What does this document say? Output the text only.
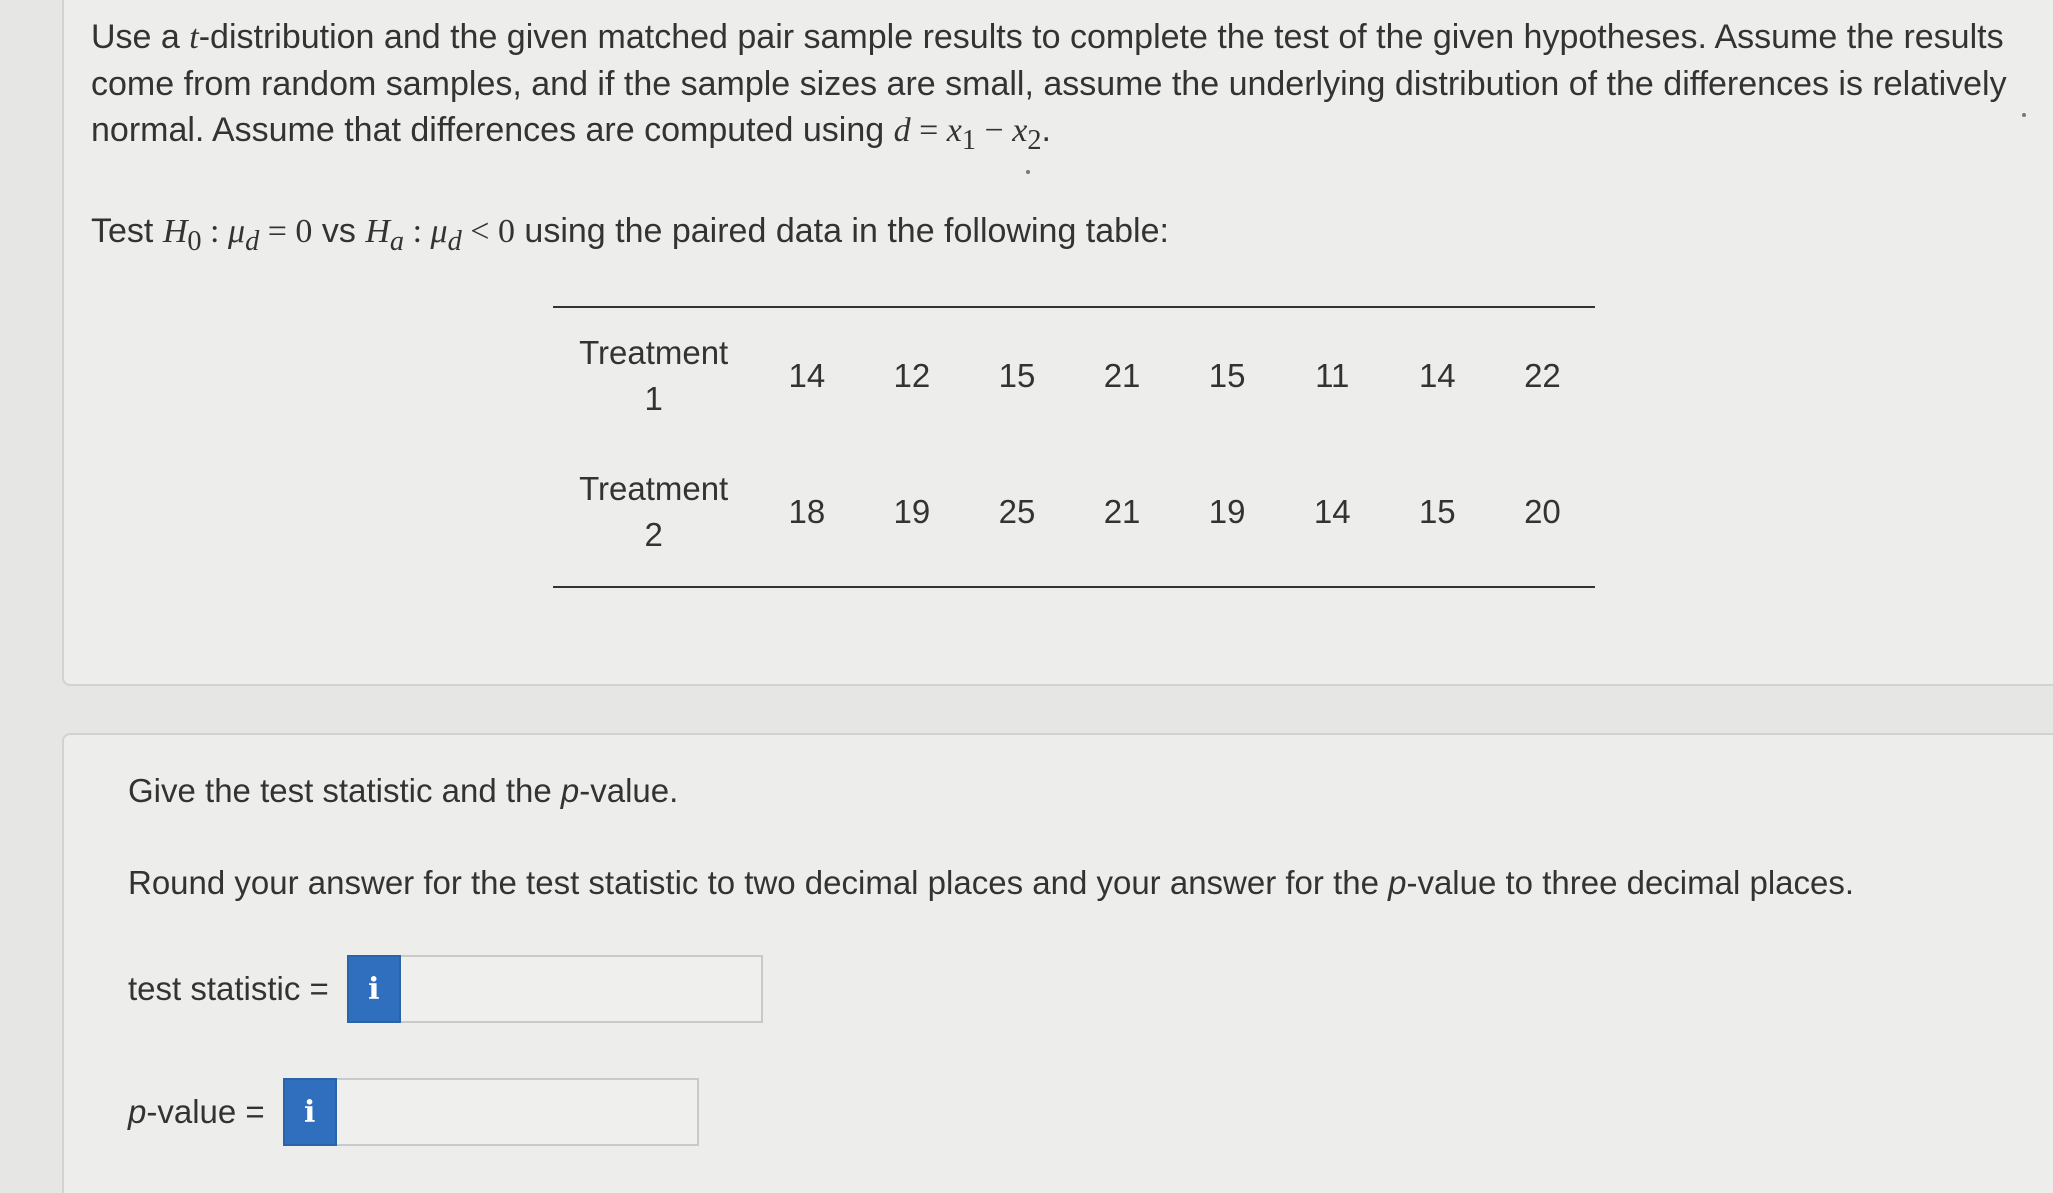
Use a t-distribution and the given matched pair sample results to complete the test of the given hypotheses. Assume the results come from random samples, and if the sample sizes are small, assume the underlying distribution of the differences is relatively normal. Assume that differences are computed using $d = x_1 - x_2$.

Test $H_0$ : $\mu_d = 0$ vs $H_a$ : $\mu_d < 0$ using the paired data in the following table:

Treatment
1	14	12	15	21	15	11	14	22
Treatment
2	18	19	25	21	19	14	15	20

Give the test statistic and the p-value.

Round your answer for the test statistic to two decimal places and your answer for the p-value to three decimal places.

test statistic = i
p-value = i
